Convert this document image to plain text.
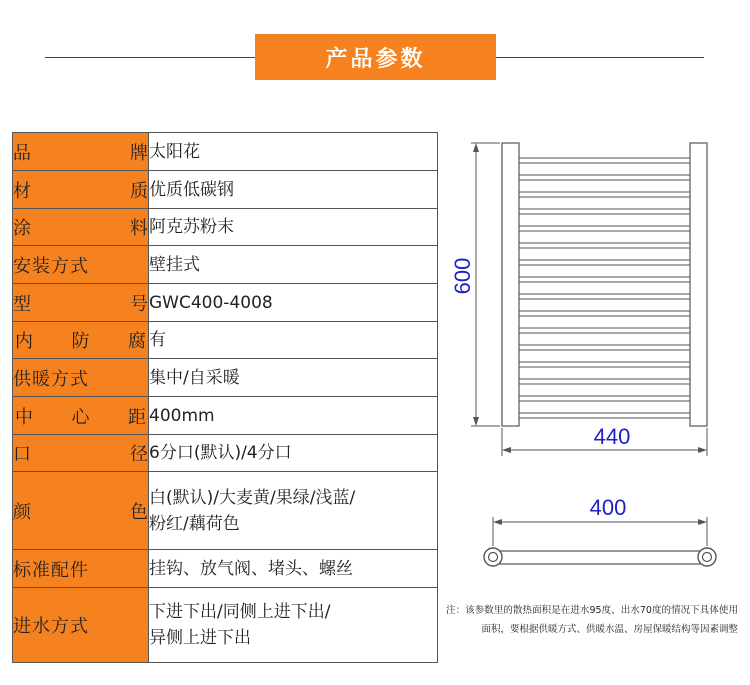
产品参数
品 牌	太阳花

材 质	优质低碳钢

涂 料	阿克苏粉末

安装方式	壁挂式

型 号	GWC400-4008

内 防 腐	有

供暖方式	集中/自采暖

中 心 距	400mm

口 径	6分口(默认)/4分口

颜 色	白(默认)/大麦黄/果绿/浅蓝/
粉红/藕荷色

标准配件	挂钩、放气阀、堵头、螺丝

进水方式	下进下出/同侧上进下出/
异侧上进下出
600
440
400
注：该参数里的散热面积是在进水95度、出水70度的情况下具体使用面积，要根据供暖方式、供暖水温、房屋保暖结构等因素调整
